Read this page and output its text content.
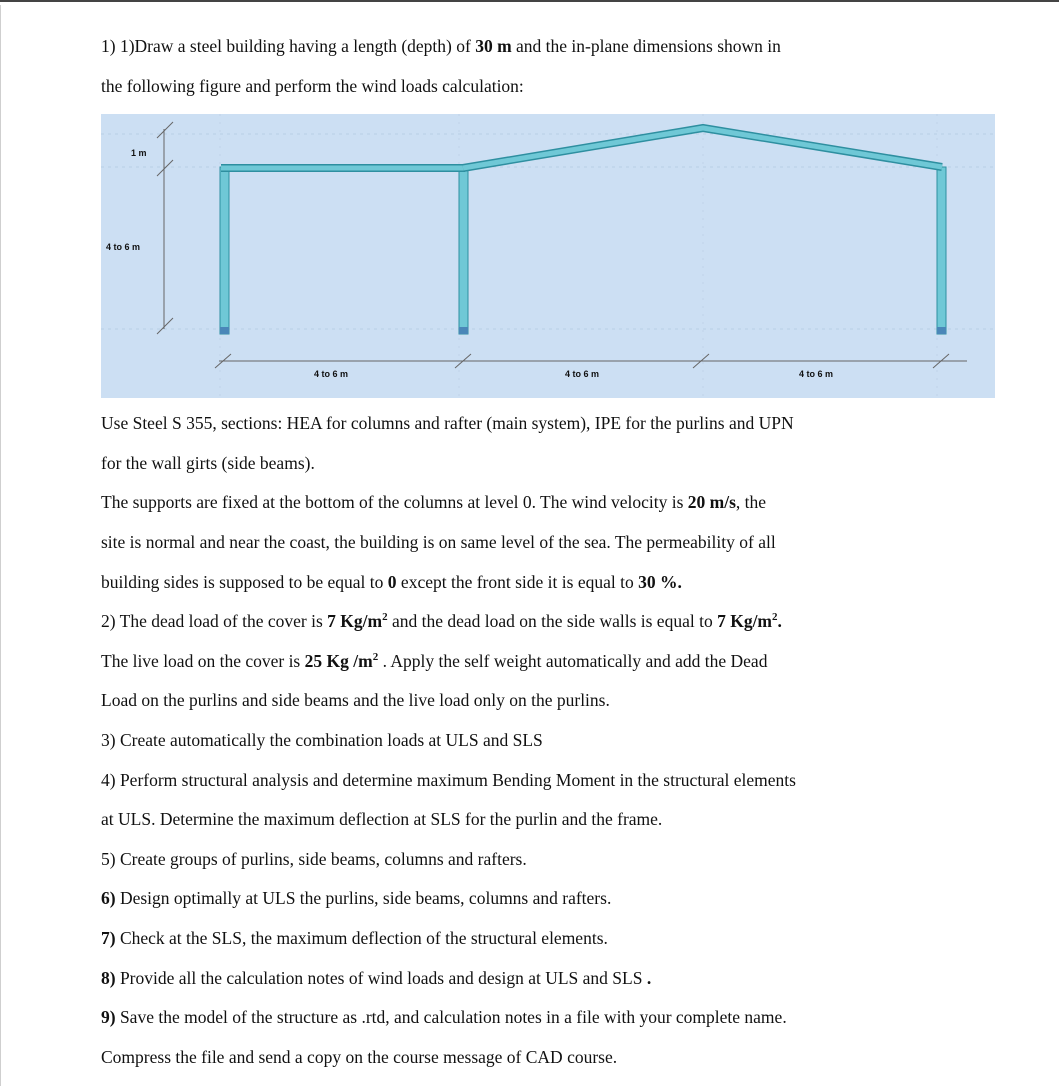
1) 1)Draw a steel building having a length (depth) of 30 m and the in-plane dimensions shown in

the following figure and perform the wind loads calculation:

1 m
4 to 6 m
4 to 6 m	4 to 6 m	4 to 6 m

Use Steel S 355, sections: HEA for columns and rafter (main system), IPE for the purlins and UPN

for the wall girts (side beams).

The supports are fixed at the bottom of the columns at level 0. The wind velocity is 20 m/s, the

site is normal and near the coast, the building is on same level of the sea. The permeability of all

building sides is supposed to be equal to 0 except the front side it is equal to 30 %.

2) The dead load of the cover is 7 $Kg/m^2$ and the dead load on the side walls is equal to 7 $Kg/m^2$.

The live load on the cover is 25 Kg $/m^2$ . Apply the self weight automatically and add the Dead

Load on the purlins and side beams and the live load only on the purlins.

3) Create automatically the combination loads at ULS and SLS

4) Perform structural analysis and determine maximum Bending Moment in the structural elements

at ULS. Determine the maximum deflection at SLS for the purlin and the frame.

5) Create groups of purlins, side beams, columns and rafters.

6) Design optimally at ULS the purlins, side beams, columns and rafters.

7) Check at the SLS, the maximum deflection of the structural elements.

8) Provide all the calculation notes of wind loads and design at ULS and SLS .

9) Save the model of the structure as .rtd, and calculation notes in a file with your complete name.

Compress the file and send a copy on the course message of CAD course.
